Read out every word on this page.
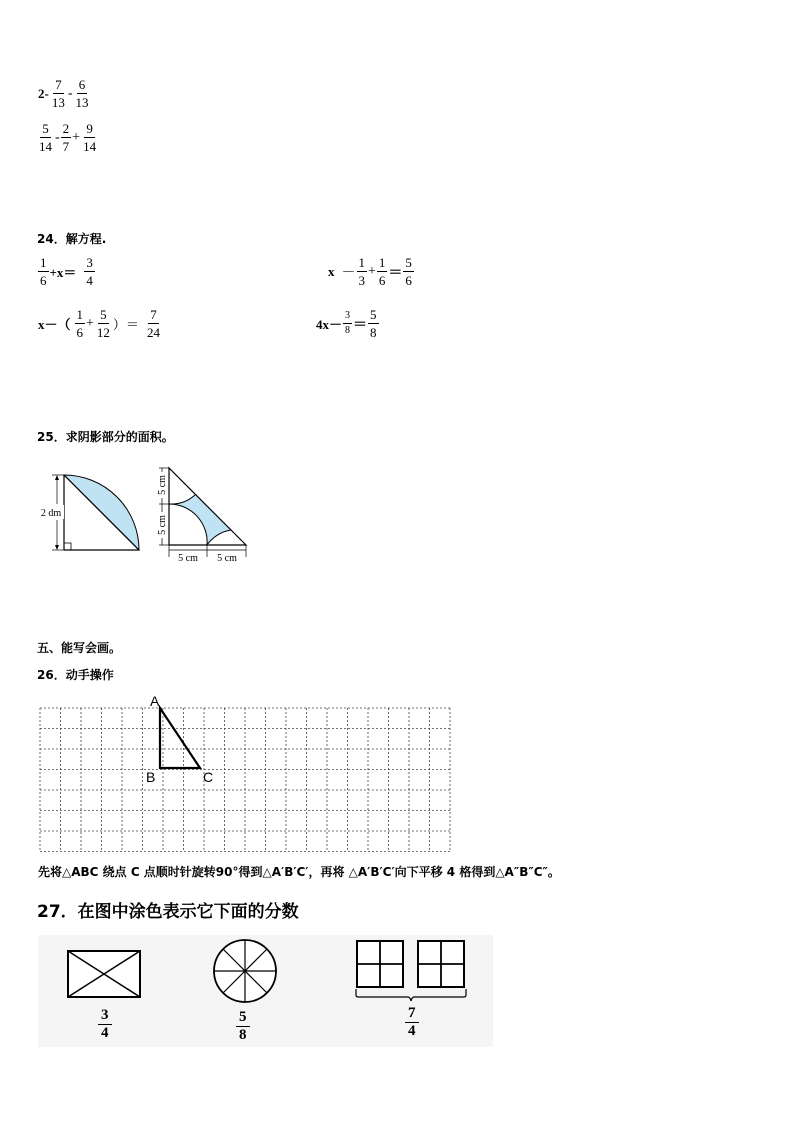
$2- \frac{7}{13} - \frac{6}{13}$
$\frac{5}{14} - \frac{2}{7} + \frac{9}{14}$
24．解方程.
$\frac{1}{6} +x= \frac{3}{4}$	$x - \frac{1}{3} + \frac{1}{6} = \frac{5}{6}$
$x-( \frac{1}{6} + \frac{5}{12}$ ）＝ $\frac{7}{24}$	$4x- \frac{3}{8} = \frac{5}{8}$
25．求阴影部分的面积。
2 dm
5 cm
5 cm
5 cm 5 cm
五、能写会画。
26．动手操作
A
B	C
先将△ABC 绕点 C 点顺时针旋转90°得到△A′B′C′，再将 △A′B′C′向下平移 4 格得到△A″B″C″。
27．在图中涂色表示它下面的分数
$\frac{3}{4}$	$\frac{5}{8}$	$\frac{7}{4}$
